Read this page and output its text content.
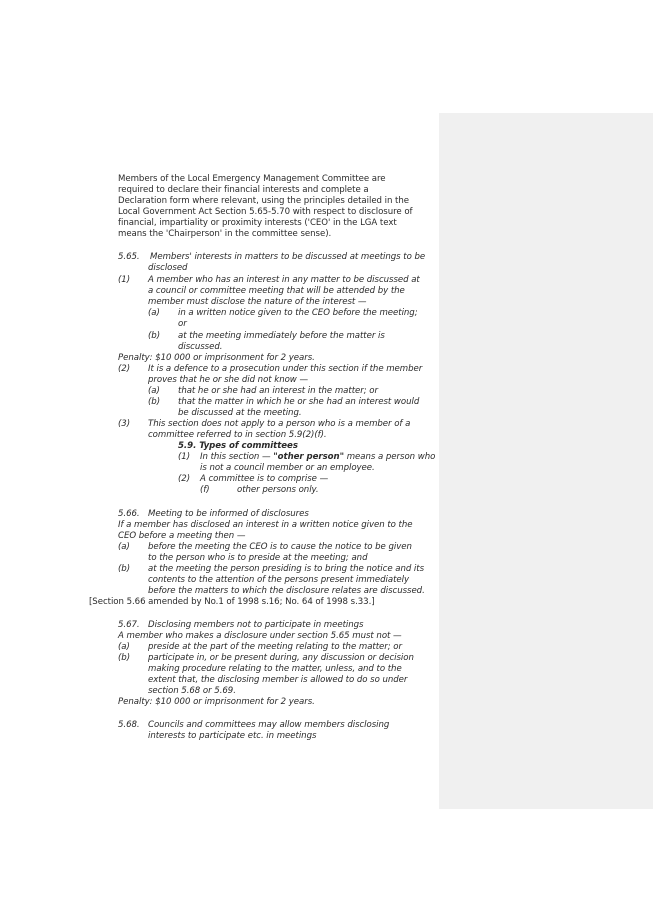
Members of the Local Emergency Management Committee are
required to declare their financial interests and complete a
Declaration form where relevant, using the principles detailed in the
Local Government Act Section 5.65-5.70 with respect to disclosure of
financial, impartiality or proximity interests ('CEO' in the LGA text
means the 'Chairperson' in the committee sense).
5.65. Members' interests in matters to be discussed at meetings to be
disclosed
(1) A member who has an interest in any matter to be discussed at
a council or committee meeting that will be attended by the
member must disclose the nature of the interest —
(a) in a written notice given to the CEO before the meeting;
or
(b) at the meeting immediately before the matter is
discussed.
Penalty: $10 000 or imprisonment for 2 years.
(2) It is a defence to a prosecution under this section if the member
proves that he or she did not know —
(a) that he or she had an interest in the matter; or
(b) that the matter in which he or she had an interest would
be discussed at the meeting.
(3) This section does not apply to a person who is a member of a
committee referred to in section 5.9(2)(f).
5.9. Types of committees
(1) In this section — "other person" means a person who
is not a council member or an employee.
(2) A committee is to comprise —
(f)	other persons only.
5.66. Meeting to be informed of disclosures
If a member has disclosed an interest in a written notice given to the
CEO before a meeting then —
(a) before the meeting the CEO is to cause the notice to be given
to the person who is to preside at the meeting; and
(b) at the meeting the person presiding is to bring the notice and its
contents to the attention of the persons present immediately
before the matters to which the disclosure relates are discussed.
[Section 5.66 amended by No.1 of 1998 s.16; No. 64 of 1998 s.33.]
5.67. Disclosing members not to participate in meetings
A member who makes a disclosure under section 5.65 must not —
(a) preside at the part of the meeting relating to the matter; or
(b) participate in, or be present during, any discussion or decision
making procedure relating to the matter, unless, and to the
extent that, the disclosing member is allowed to do so under
section 5.68 or 5.69.
Penalty: $10 000 or imprisonment for 2 years.
5.68. Councils and committees may allow members disclosing
interests to participate etc. in meetings
